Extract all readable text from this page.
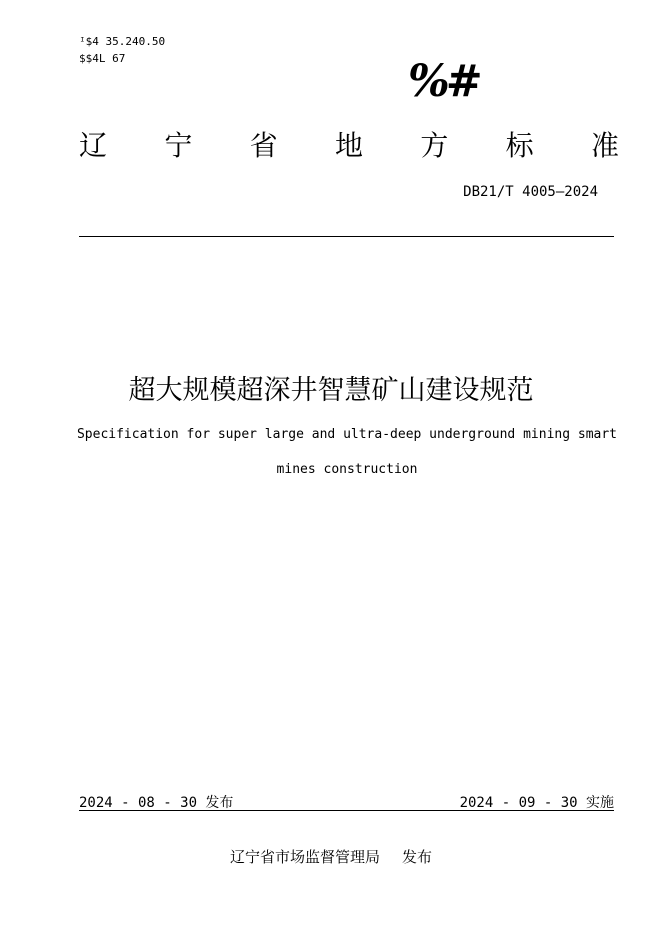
ᴵ$4 35.240.50
$$4L 67	%#
辽 宁 省 地 方 标 准
DB21/T 4005—2024
超大规模超深井智慧矿山建设规范
Specification for super large and ultra-deep underground mining smart
mines construction
2024 - 08 - 30 发布	2024 - 09 - 30 实施
辽宁省市场监督管理局 发布
